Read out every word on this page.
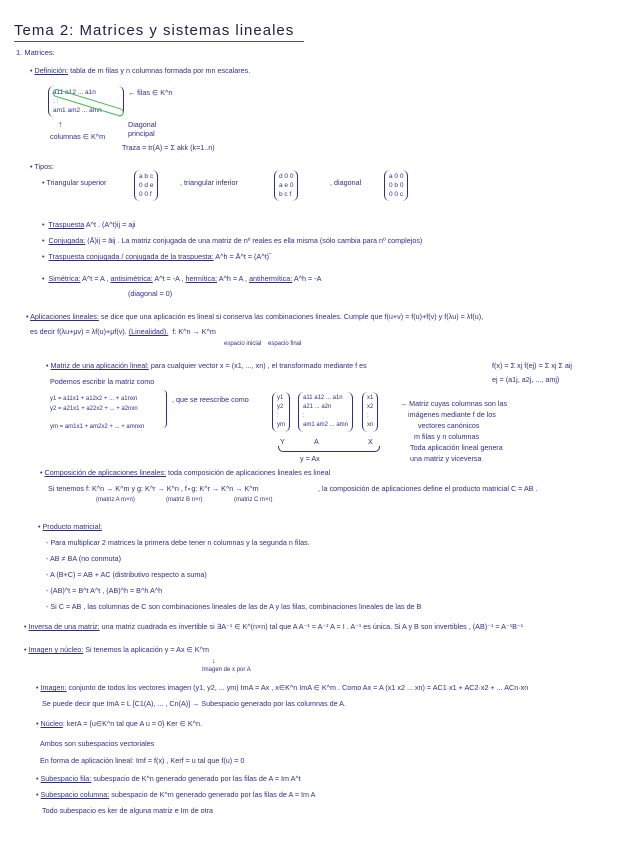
Tema 2: Matrices y sistemas lineales
1. Matrices:
• Definición: tabla de m filas y n columnas formada por mn escalares.
a11 a12 ... a1n
: :
am1 am2 ... amn
← filas ∈ K^n
Diagonal
principal
↑
columnas ∈ K^m
Traza = tr(A) = Σ akk (k=1..n)
• Tipos:
• Triangular superior
a b c
0 d e
0 0 f
, triangular inferior
d 0 0
a e 0
b c f
, diagonal
a 0 0
0 b 0
0 0 c
•  Traspuesta A^t . (A^t)ij = aji
•  Conjugada: (Ā)ij = āij . La matriz conjugada de una matriz de nº reales es ella misma (sólo cambia para nº complejos)
•  Traspuesta conjugada / conjugada de la traspuesta: A^h = Ā^t = (A^t)‾
•  Simétrica: A^t = A , antisimétrica: A^t = -A , hermítica: A^h = A , antihermítica: A^h = -A
(diagonal = 0)
• Aplicaciones lineales: se dice que una aplicación es lineal si conserva las combinaciones lineales. Cumple que f(u+v) = f(u)+f(v) y f(λu) = λf(u),
es decir f(λu+μv) = λf(u)+μf(v). (Linealidad). f: K^n → K^m
espacio inicial espacio final
• Matriz de una aplicación lineal: para cualquier vector x = (x1, ..., xn) , el transformado mediante f es	f(x) = Σ xj f(ej) = Σ xj Σ aij
ej = (a1j, a2j, ..., amj)
Podemos escribir la matriz como
y1 = a11x1 + a12x2 + ... + a1nxn
y2 = a21x1 + a22x2 + ... + a2nxn
ym = am1x1 + am2x2 + ... + amnxn
, que se reescribe como	y1
y2
:
ym
a11 a12 ... a1n
a21 ... a2n
:
am1 am2 ... amn
x1
x2
:
xn
Y	A	X
y = Ax
→ Matriz cuyas columnas son las
imágenes mediante f de los
vectores canónicos
m filas y n columnas
Toda aplicación lineal genera
una matriz y viceversa
• Composición de aplicaciones lineales: toda composición de aplicaciones lineales es lineal
Si tenemos f: K^n → K^m y g: K^r → K^n , f∘g: K^r → K^n → K^m	, la composición de aplicaciones define el producto matricial C = AB .
(matriz A m×n)	(matriz B n×r)	(matriz C m×r)
• Producto matricial:
- Para multiplicar 2 matrices la primera debe tener n columnas y la segunda n filas.
- AB ≠ BA (no conmuta)
- A (B+C) = AB + AC (distributivo respecto a suma)
- (AB)^t = B^t A^t , (AB)^h = B^h A^h
- Si C = AB , las columnas de C son combinaciones lineales de las de A y las filas, combinaciones lineales de las de B
• Inversa de una matriz: una matriz cuadrada es invertible si ∃A⁻¹ ∈ K^(n×n) tal que A A⁻¹ = A⁻¹ A = I . A⁻¹ es única. Si A y B son invertibles , (AB)⁻¹ = A⁻¹B⁻¹
• Imagen y núcleo: Si tenemos la aplicación y = Ax ∈ K^m
↓
Imagen de x por A
• Imagen: conjunto de todos los vectores imagen (y1, y2, ... ym) ImA = Ax , x∈K^n ImA ∈ K^m . Como Ax = A (x1 x2 ... xn) = AC1·x1 + AC2·x2 + ... ACn·xn
Se puede decir que ImA = L [C1(A), ... , Cn(A)] → Subespacio generado por las columnas de A.
• Núcleo: kerA = {u∈K^n tal que A u = 0} Ker ∈ K^n.
Ambos son subespacios vectoriales
En forma de aplicación lineal: Imf = f(x) , Kerf = u tal que f(u) = 0
• Subespacio fila: subespacio de K^n generado generado por las filas de A = Im A^t
• Subespacio columna: subespacio de K^m generado generado por las filas de A = Im A
Todo subespacio es ker de alguna matriz e Im de otra
